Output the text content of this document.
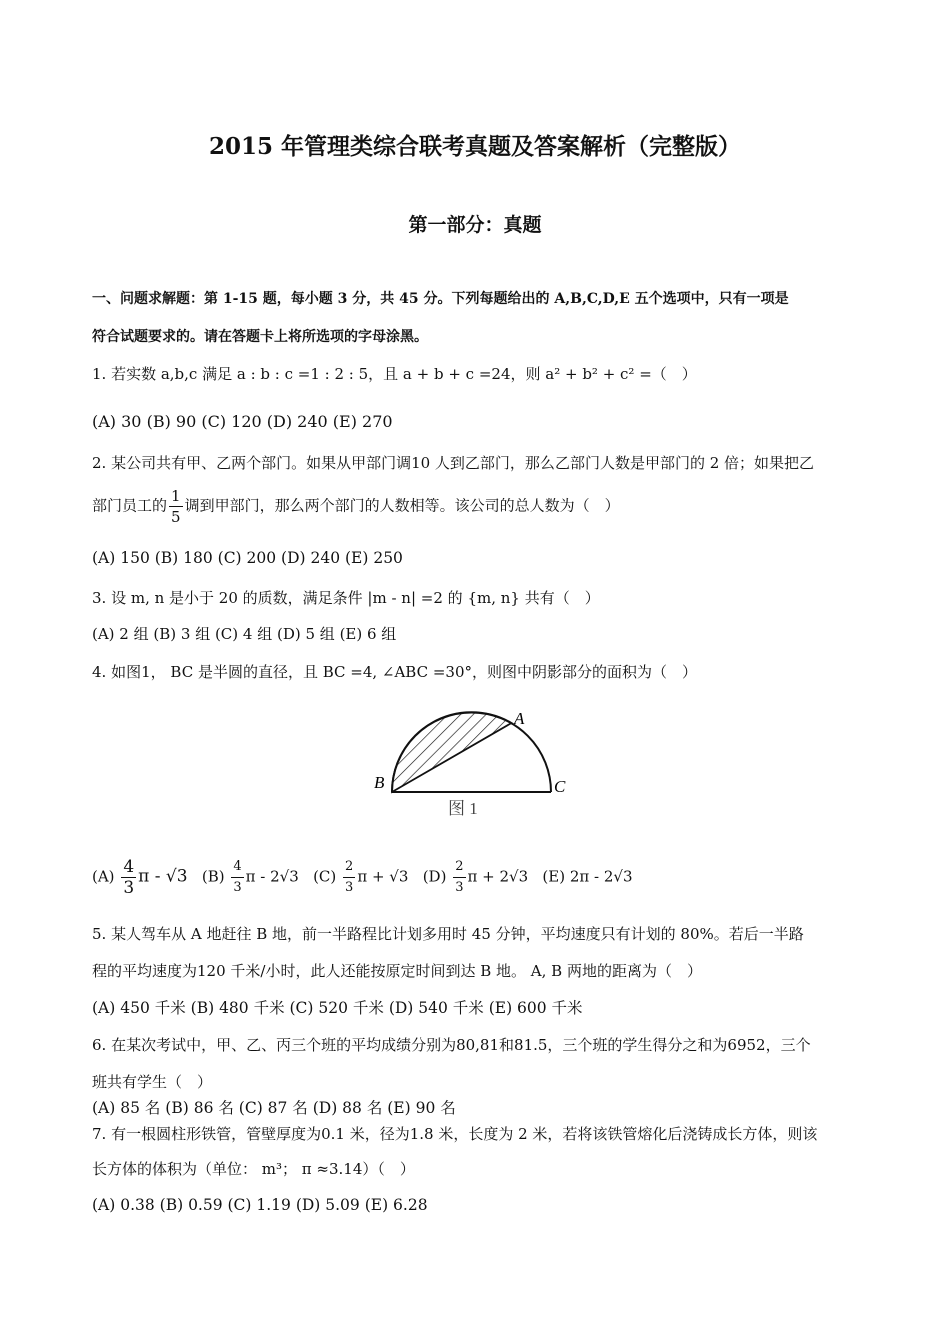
2015 年管理类综合联考真题及答案解析（完整版）
第一部分：真题
一、问题求解题：第 1-15 题，每小题 3 分，共 45 分。下列每题给出的 A,B,C,D,E 五个选项中，只有一项是
符合试题要求的。请在答题卡上将所选项的字母涂黑。
1. 若实数 a,b,c 满足 a : b : c =1 : 2 : 5，且 a + b + c =24，则 a² + b² + c² =（　）
(A) 30 (B) 90 (C) 120 (D) 240 (E) 270
2. 某公司共有甲、乙两个部门。如果从甲部门调10 人到乙部门，那么乙部门人数是甲部门的 2 倍；如果把乙
部门员工的 $\frac{1}{5}$ 调到甲部门，那么两个部门的人数相等。该公司的总人数为（　）
(A) 150 (B) 180 (C) 200 (D) 240 (E) 250
3. 设 m, n 是小于 20 的质数，满足条件 |m - n| =2 的 {m, n} 共有（　）
(A) 2 组 (B) 3 组 (C) 4 组 (D) 5 组 (E) 6 组
4. 如图1， BC 是半圆的直径，且 BC =4, ∠ABC =30°，则图中阴影部分的面积为（　）
A
B	C
图 1
$(A) \frac{4}{3}$ π - √3 $(B) \frac{4}{3}$ π - 2√3 $(C) \frac{2}{3}$ π + √3 $(D) \frac{2}{3}$ π + 2√3 (E) 2π - 2√3
5. 某人驾车从 A 地赶往 B 地，前一半路程比计划多用时 45 分钟，平均速度只有计划的 80%。若后一半路
程的平均速度为120 千米/小时，此人还能按原定时间到达 B 地。 A, B 两地的距离为（　）
(A) 450 千米 (B) 480 千米 (C) 520 千米 (D) 540 千米 (E) 600 千米
6. 在某次考试中，甲、乙、丙三个班的平均成绩分别为80,81和81.5，三个班的学生得分之和为6952，三个
班共有学生（　）
(A) 85 名 (B) 86 名 (C) 87 名 (D) 88 名 (E) 90 名
7. 有一根圆柱形铁管，管壁厚度为0.1 米，径为1.8 米，长度为 2 米，若将该铁管熔化后浇铸成长方体，则该
长方体的体积为（单位： m³； π ≈3.14）（　）
(A) 0.38 (B) 0.59 (C) 1.19 (D) 5.09 (E) 6.28
